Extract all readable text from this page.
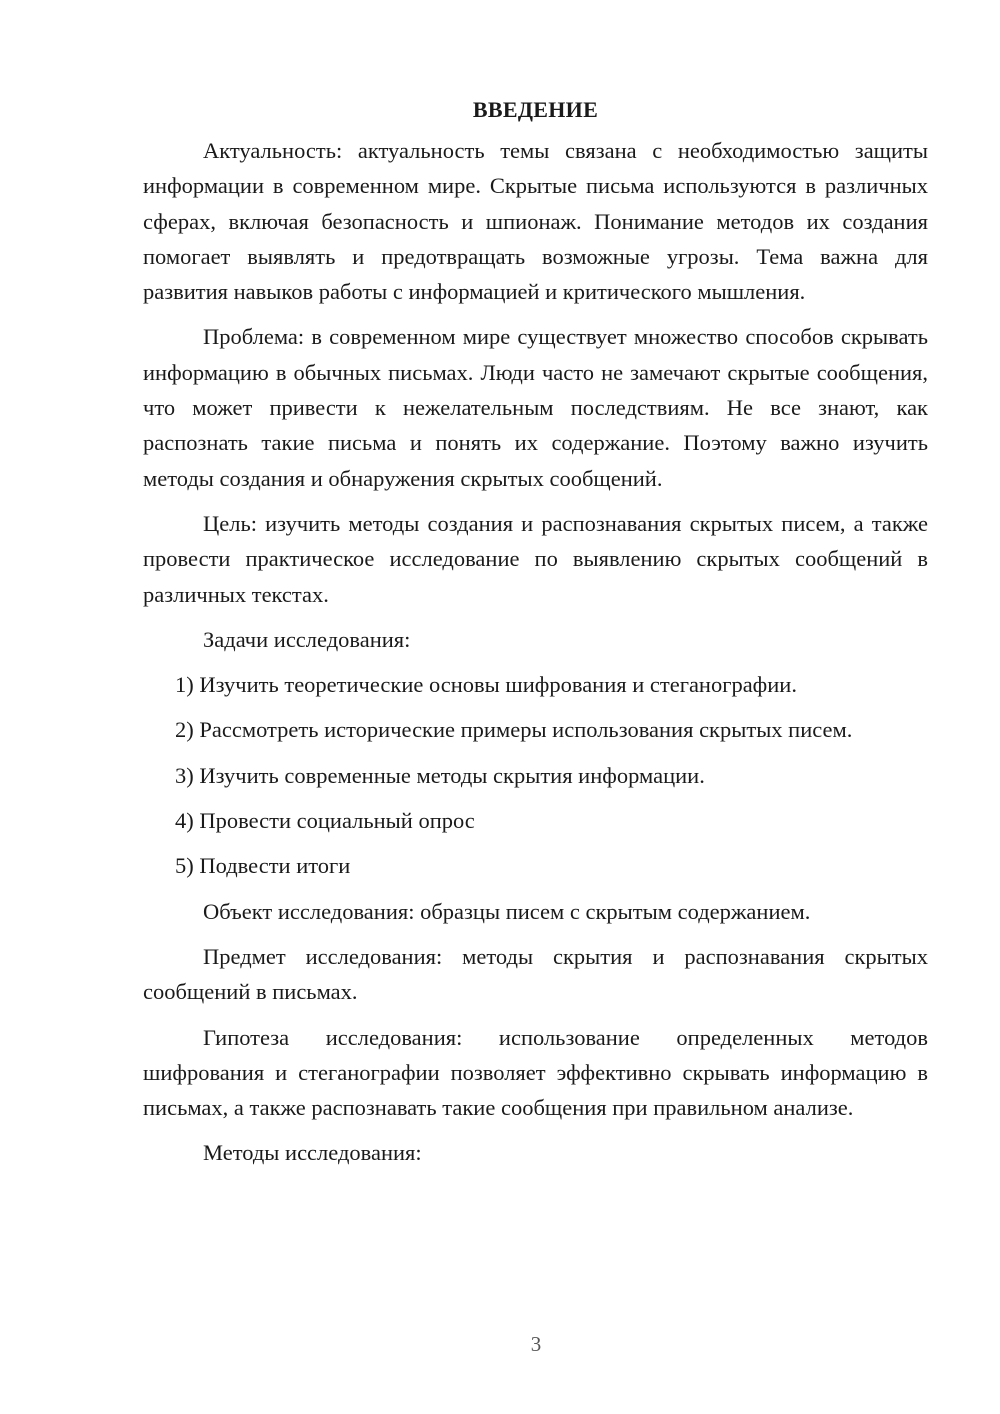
ВВЕДЕНИЕ

Актуальность: актуальность темы связана с необходимостью защиты информации в современном мире. Скрытые письма используются в различных сферах, включая безопасность и шпионаж. Понимание методов их создания помогает выявлять и предотвращать возможные угрозы. Тема важна для развития навыков работы с информацией и критического мышления.

Проблема: в современном мире существует множество способов скрывать информацию в обычных письмах. Люди часто не замечают скрытые сообщения, что может привести к нежелательным последствиям. Не все знают, как распознать такие письма и понять их содержание. Поэтому важно изучить методы создания и обнаружения скрытых сообщений.

Цель: изучить методы создания и распознавания скрытых писем, а также провести практическое исследование по выявлению скрытых сообщений в различных текстах.

Задачи исследования:

1) Изучить теоретические основы шифрования и стеганографии.
2) Рассмотреть исторические примеры использования скрытых писем.
3) Изучить современные методы скрытия информации.
4) Провести социальный опрос
5) Подвести итоги

Объект исследования: образцы писем с скрытым содержанием.

Предмет исследования: методы скрытия и распознавания скрытых сообщений в письмах.

Гипотеза исследования: использование определенных методов шифрования и стеганографии позволяет эффективно скрывать информацию в письмах, а также распознавать такие сообщения при правильном анализе.

Методы исследования:

3
